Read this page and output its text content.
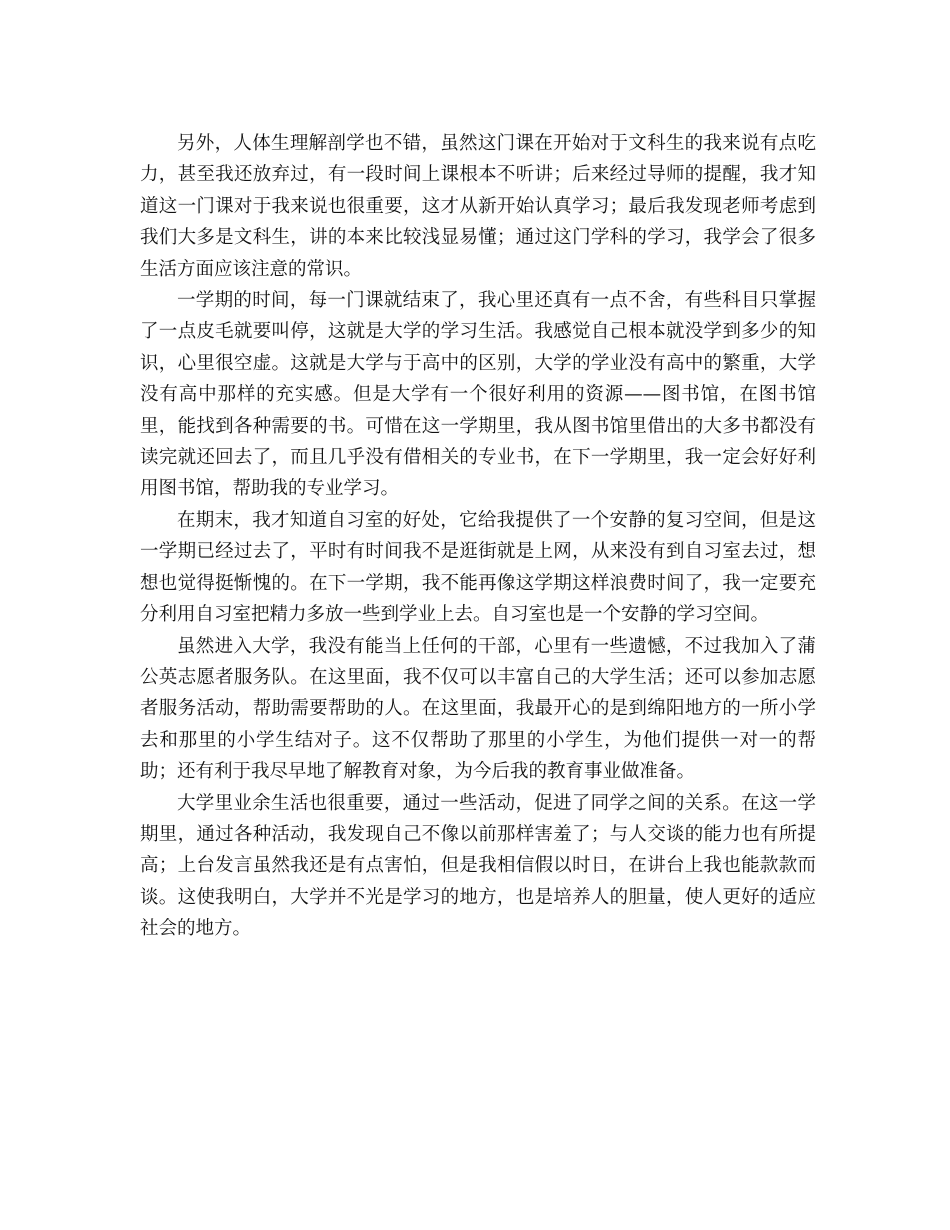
另外，人体生理解剖学也不错，虽然这门课在开始对于文科生的我来说有点吃力，甚至我还放弃过，有一段时间上课根本不听讲；后来经过导师的提醒，我才知道这一门课对于我来说也很重要，这才从新开始认真学习；最后我发现老师考虑到我们大多是文科生，讲的本来比较浅显易懂；通过这门学科的学习，我学会了很多生活方面应该注意的常识。

一学期的时间，每一门课就结束了，我心里还真有一点不舍，有些科目只掌握了一点皮毛就要叫停，这就是大学的学习生活。我感觉自己根本就没学到多少的知识，心里很空虚。这就是大学与于高中的区别，大学的学业没有高中的繁重，大学没有高中那样的充实感。但是大学有一个很好利用的资源——图书馆，在图书馆里，能找到各种需要的书。可惜在这一学期里，我从图书馆里借出的大多书都没有读完就还回去了，而且几乎没有借相关的专业书，在下一学期里，我一定会好好利用图书馆，帮助我的专业学习。

在期末，我才知道自习室的好处，它给我提供了一个安静的复习空间，但是这一学期已经过去了，平时有时间我不是逛街就是上网，从来没有到自习室去过，想想也觉得挺惭愧的。在下一学期，我不能再像这学期这样浪费时间了，我一定要充分利用自习室把精力多放一些到学业上去。自习室也是一个安静的学习空间。

虽然进入大学，我没有能当上任何的干部，心里有一些遗憾，不过我加入了蒲公英志愿者服务队。在这里面，我不仅可以丰富自己的大学生活；还可以参加志愿者服务活动，帮助需要帮助的人。在这里面，我最开心的是到绵阳地方的一所小学去和那里的小学生结对子。这不仅帮助了那里的小学生，为他们提供一对一的帮助；还有利于我尽早地了解教育对象，为今后我的教育事业做准备。

大学里业余生活也很重要，通过一些活动，促进了同学之间的关系。在这一学期里，通过各种活动，我发现自己不像以前那样害羞了；与人交谈的能力也有所提高；上台发言虽然我还是有点害怕，但是我相信假以时日，在讲台上我也能款款而谈。这使我明白，大学并不光是学习的地方，也是培养人的胆量，使人更好的适应社会的地方。
